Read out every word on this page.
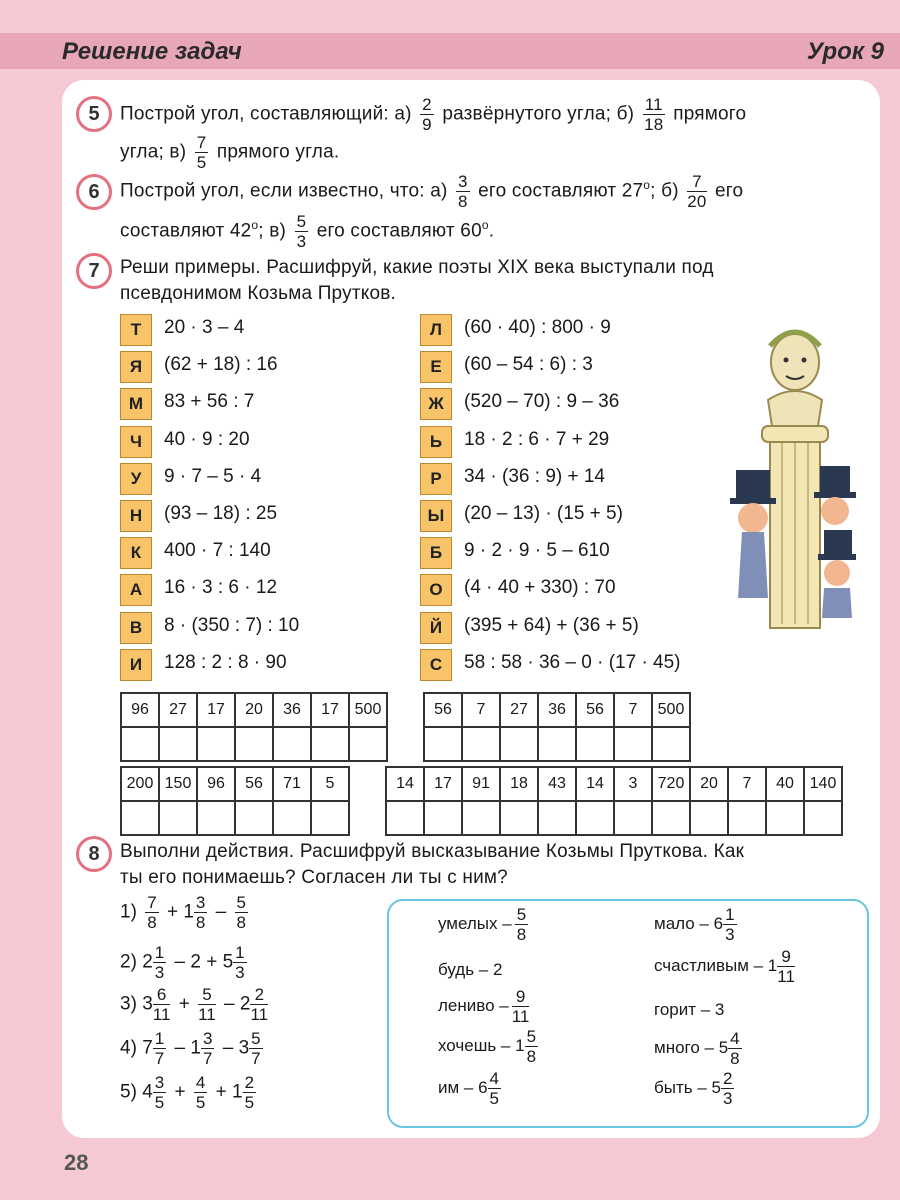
Решение задач	Урок 9
5	Построй угол, составляющий: $а) \frac{2}{9}$ развёрнутого угла; $б) \frac{11}{18}$ прямого
угла; $в) \frac{7}{5}$ прямого угла.
6	Построй угол, если известно, что: $а) \frac{3}{8}$ его составляют $27^о$; $б) \frac{7}{20}$ его
составляют $42^о$; $в) \frac{5}{3}$ его составляют $60^о$.
7	Реши примеры. Расшифруй, какие поэты XIX века выступали под
псевдонимом Козьма Прутков.
Т	20 · 3 – 4
Я	(62 + 18) : 16
М	83 + 56 : 7
Ч	40 · 9 : 20
У	9 · 7 – 5 · 4
Н	(93 – 18) : 25
К	400 · 7 : 140
А	16 · 3 : 6 · 12
В	8 · (350 : 7) : 10
И	128 : 2 : 8 · 90
Л	(60 · 40) : 800 · 9
Е	(60 – 54 : 6) : 3
Ж	(520 – 70) : 9 – 36
Ь	18 · 2 : 6 · 7 + 29
Р	34 · (36 : 9) + 14
Ы	(20 – 13) · (15 + 5)
Б	9 · 2 · 9 · 5 – 610
О	(4 · 40 + 330) : 70
Й	(395 + 64) + (36 + 5)
С	58 : 58 · 36 – 0 · (17 · 45)
96	27	17	20	36	17	500
							56	7	27	36	56	7	500

200	150	96	56	71	5
						14	17	91	18	43	14	3	720	20	7	40	140

8	Выполни действия. Расшифруй высказывание Козьмы Пруткова. Как
ты его понимаешь? Согласен ли ты с ним?
$1) \frac{7}{8} + 1 \frac{3}{8} - \frac{5}{8}$
2) $2 \frac{1}{3} - 2 + 5 \frac{1}{3}$
3) $3 \frac{6}{11} + \frac{5}{11} - 2 \frac{2}{11}$
4) $7 \frac{1}{7} - 1 \frac{3}{7} - 3 \frac{5}{7}$
5) $4 \frac{3}{5} + \frac{4}{5} + 1 \frac{2}{5}$
умелых – $\frac{5}{8}$
будь – 2
лениво – $\frac{9}{11}$
хочешь – $1 \frac{5}{8}$
им – $6 \frac{4}{5}$
мало – $6 \frac{1}{3}$
счастливым – $1 \frac{9}{11}$
горит – 3
много – $5 \frac{4}{8}$
быть – $5 \frac{2}{3}$
28
